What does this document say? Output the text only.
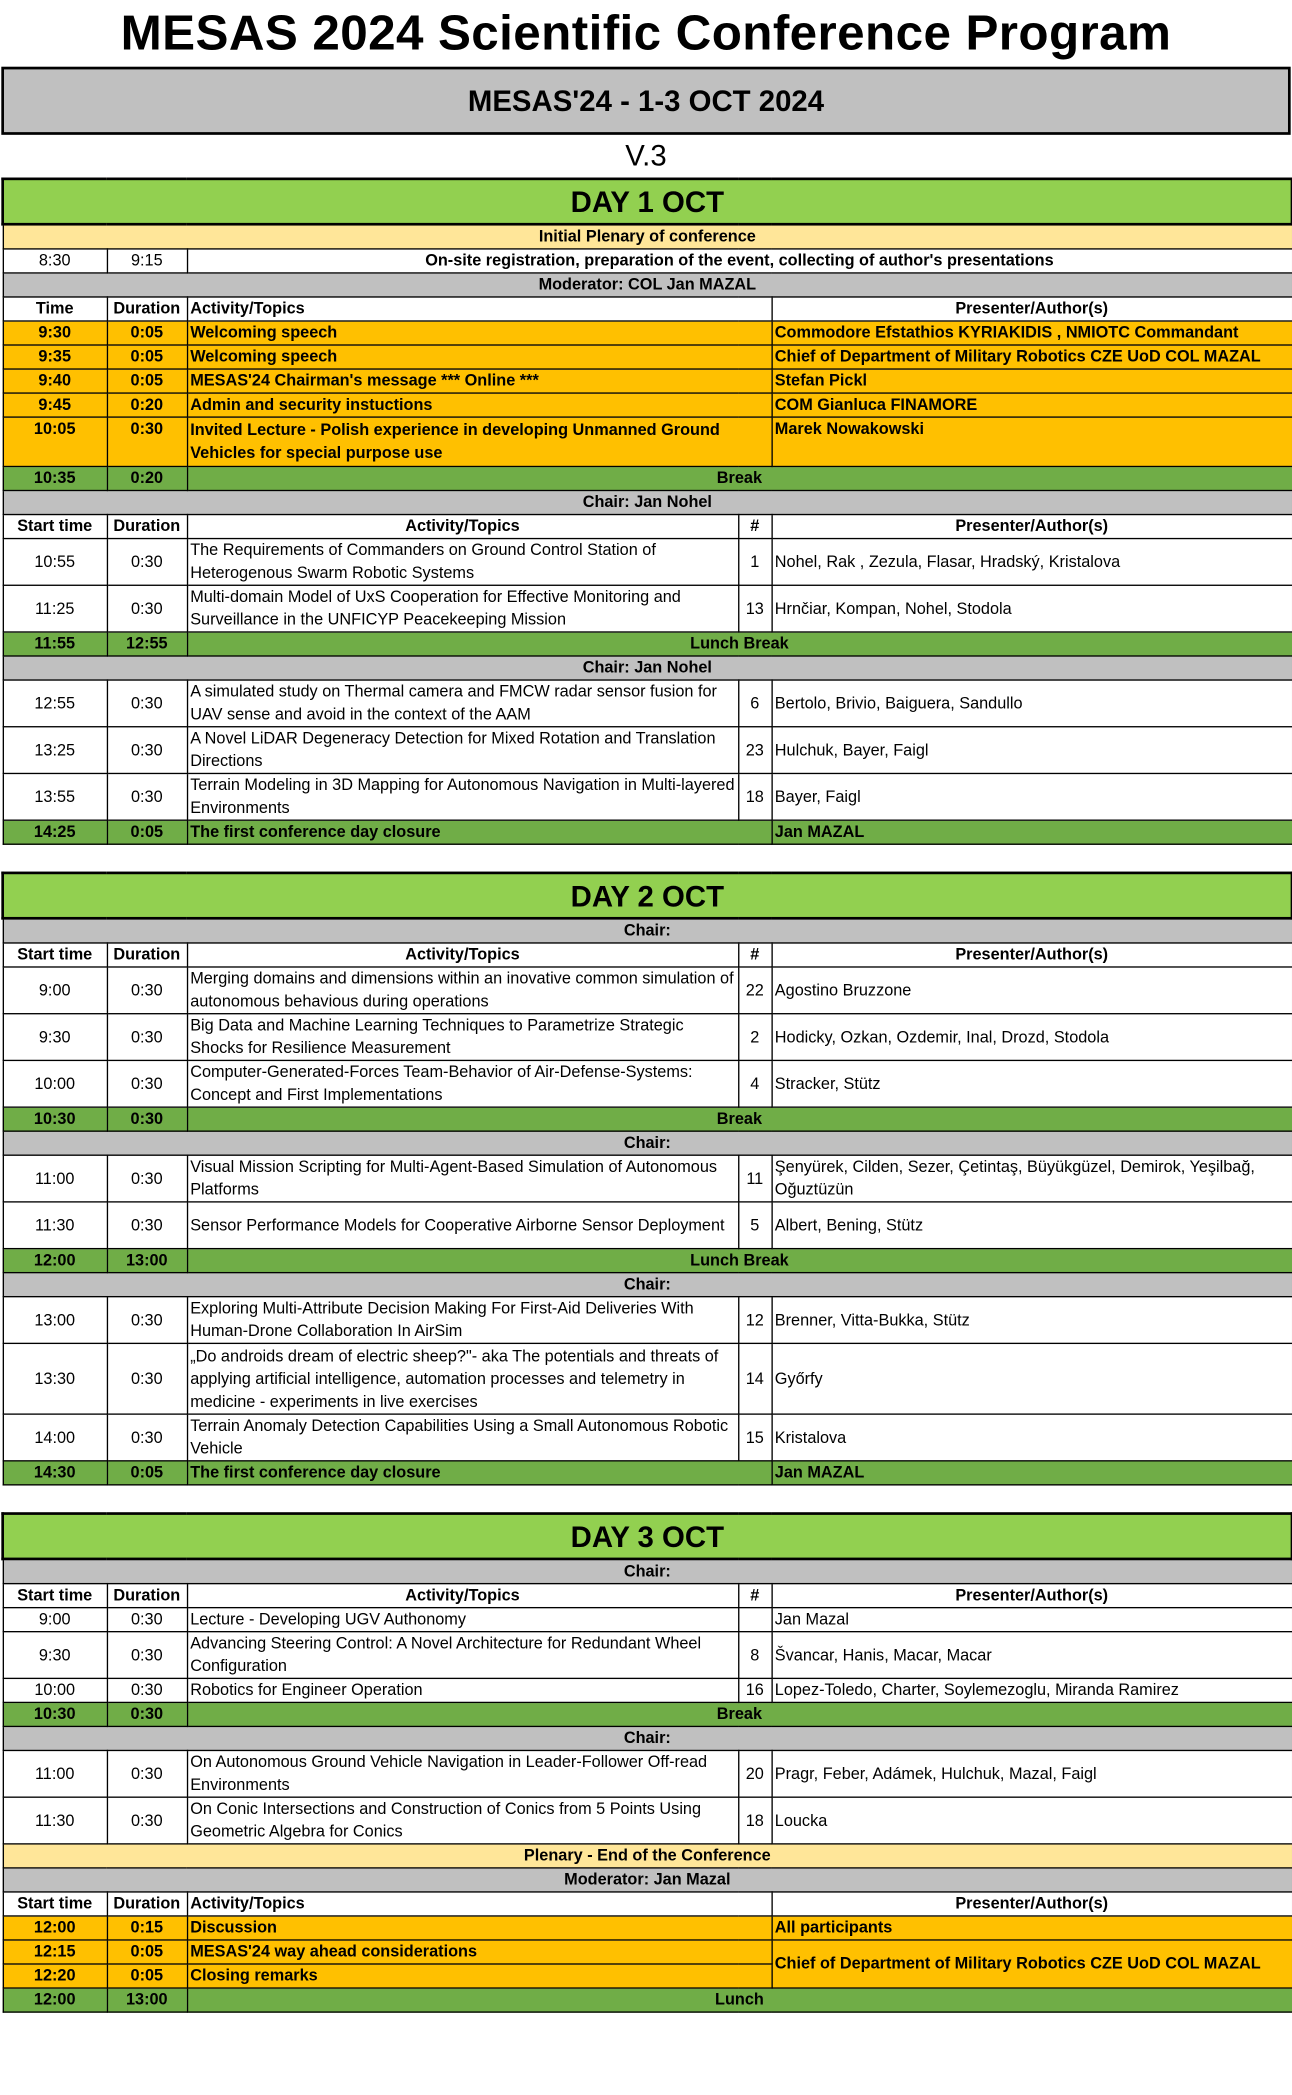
MESAS 2024 Scientific Conference Program
MESAS'24 - 1-3 OCT 2024
V.3
DAY 1 OCT				
Initial Plenary of conference				
8:30	9:15	On-site registration, preparation of the event, collecting of author's presentations		
Moderator: COL Jan MAZAL				
Time	Duration	Activity/Topics		Presenter/Author(s)
9:30	0:05	Welcoming speech		Commodore Efstathios KYRIAKIDIS , NMIOTC Commandant
9:35	0:05	Welcoming speech		Chief of Department of Military Robotics CZE UoD COL MAZAL
9:40	0:05	MESAS'24 Chairman's message *** Online ***		Stefan Pickl
9:45	0:20	Admin and security instuctions		COM Gianluca FINAMORE
10:05	0:30	Invited Lecture - Polish experience in developing Unmanned Ground Vehicles for special purpose use		Marek Nowakowski
10:35	0:20	Break		
Chair: Jan Nohel				
Start time	Duration	Activity/Topics	#	Presenter/Author(s)
10:55	0:30	The Requirements of Commanders on Ground Control Station of Heterogenous Swarm Robotic Systems	1	Nohel, Rak , Zezula, Flasar, Hradský, Kristalova
11:25	0:30	Multi-domain Model of UxS Cooperation for Effective Monitoring and Surveillance in the UNFICYP Peacekeeping Mission	13	Hrnčiar, Kompan, Nohel, Stodola
11:55	12:55	Lunch Break		
Chair: Jan Nohel				
12:55	0:30	A simulated study on Thermal camera and FMCW radar sensor fusion for UAV sense and avoid in the context of the AAM	6	Bertolo, Brivio, Baiguera, Sandullo
13:25	0:30	A Novel LiDAR Degeneracy Detection for Mixed Rotation and Translation Directions	23	Hulchuk, Bayer, Faigl
13:55	0:30	Terrain Modeling in 3D Mapping for Autonomous Navigation in Multi-layered Environments	18	Bayer, Faigl
14:25	0:05	The first conference day closure		Jan MAZAL
DAY 2 OCT				
Chair:				
Start time	Duration	Activity/Topics	#	Presenter/Author(s)
9:00	0:30	Merging domains and dimensions within an inovative common simulation of autonomous behavious during operations	22	Agostino Bruzzone
9:30	0:30	Big Data and Machine Learning Techniques to Parametrize Strategic Shocks for Resilience Measurement	2	Hodicky, Ozkan, Ozdemir, Inal, Drozd, Stodola
10:00	0:30	Computer-Generated-Forces Team-Behavior of Air-Defense-Systems: Concept and First Implementations	4	Stracker, Stütz
10:30	0:30	Break		
Chair:				
11:00	0:30	Visual Mission Scripting for Multi-Agent-Based Simulation of Autonomous Platforms	11	Şenyürek, Cilden, Sezer, Çetintaş, Büyükgüzel, Demirok, Yeşilbağ, Oğuztüzün
11:30	0:30	Sensor Performance Models for Cooperative Airborne Sensor Deployment	5	Albert, Bening, Stütz
12:00	13:00	Lunch Break		
Chair:				
13:00	0:30	Exploring Multi-Attribute Decision Making For First-Aid Deliveries With Human-Drone Collaboration In AirSim	12	Brenner, Vitta-Bukka, Stütz
13:30	0:30	„Do androids dream of electric sheep?"- aka The potentials and threats of applying artificial intelligence, automation processes and telemetry in medicine - experiments in live exercises	14	Győrfy
14:00	0:30	Terrain Anomaly Detection Capabilities Using a Small Autonomous Robotic Vehicle	15	Kristalova
14:30	0:05	The first conference day closure		Jan MAZAL
DAY 3 OCT				
Chair:				
Start time	Duration	Activity/Topics	#	Presenter/Author(s)
9:00	0:30	Lecture - Developing UGV Authonomy		Jan Mazal
9:30	0:30	Advancing Steering Control: A Novel Architecture for Redundant Wheel Configuration	8	Švancar, Hanis, Macar, Macar
10:00	0:30	Robotics for Engineer Operation	16	Lopez-Toledo, Charter, Soylemezoglu, Miranda Ramirez
10:30	0:30	Break		
Chair:				
11:00	0:30	On Autonomous Ground Vehicle Navigation in Leader-Follower Off-read Environments	20	Pragr, Feber, Adámek, Hulchuk, Mazal, Faigl
11:30	0:30	On Conic Intersections and Construction of Conics from 5 Points Using Geometric Algebra for Conics	18	Loucka
Plenary - End of the Conference				
Moderator: Jan Mazal				
Start time	Duration	Activity/Topics		Presenter/Author(s)
12:00	0:15	Discussion		All participants
12:15	0:05	MESAS'24 way ahead considerations		Chief of Department of Military Robotics CZE UoD COL MAZAL
12:20	0:05	Closing remarks		
12:00	13:00	Lunch		
